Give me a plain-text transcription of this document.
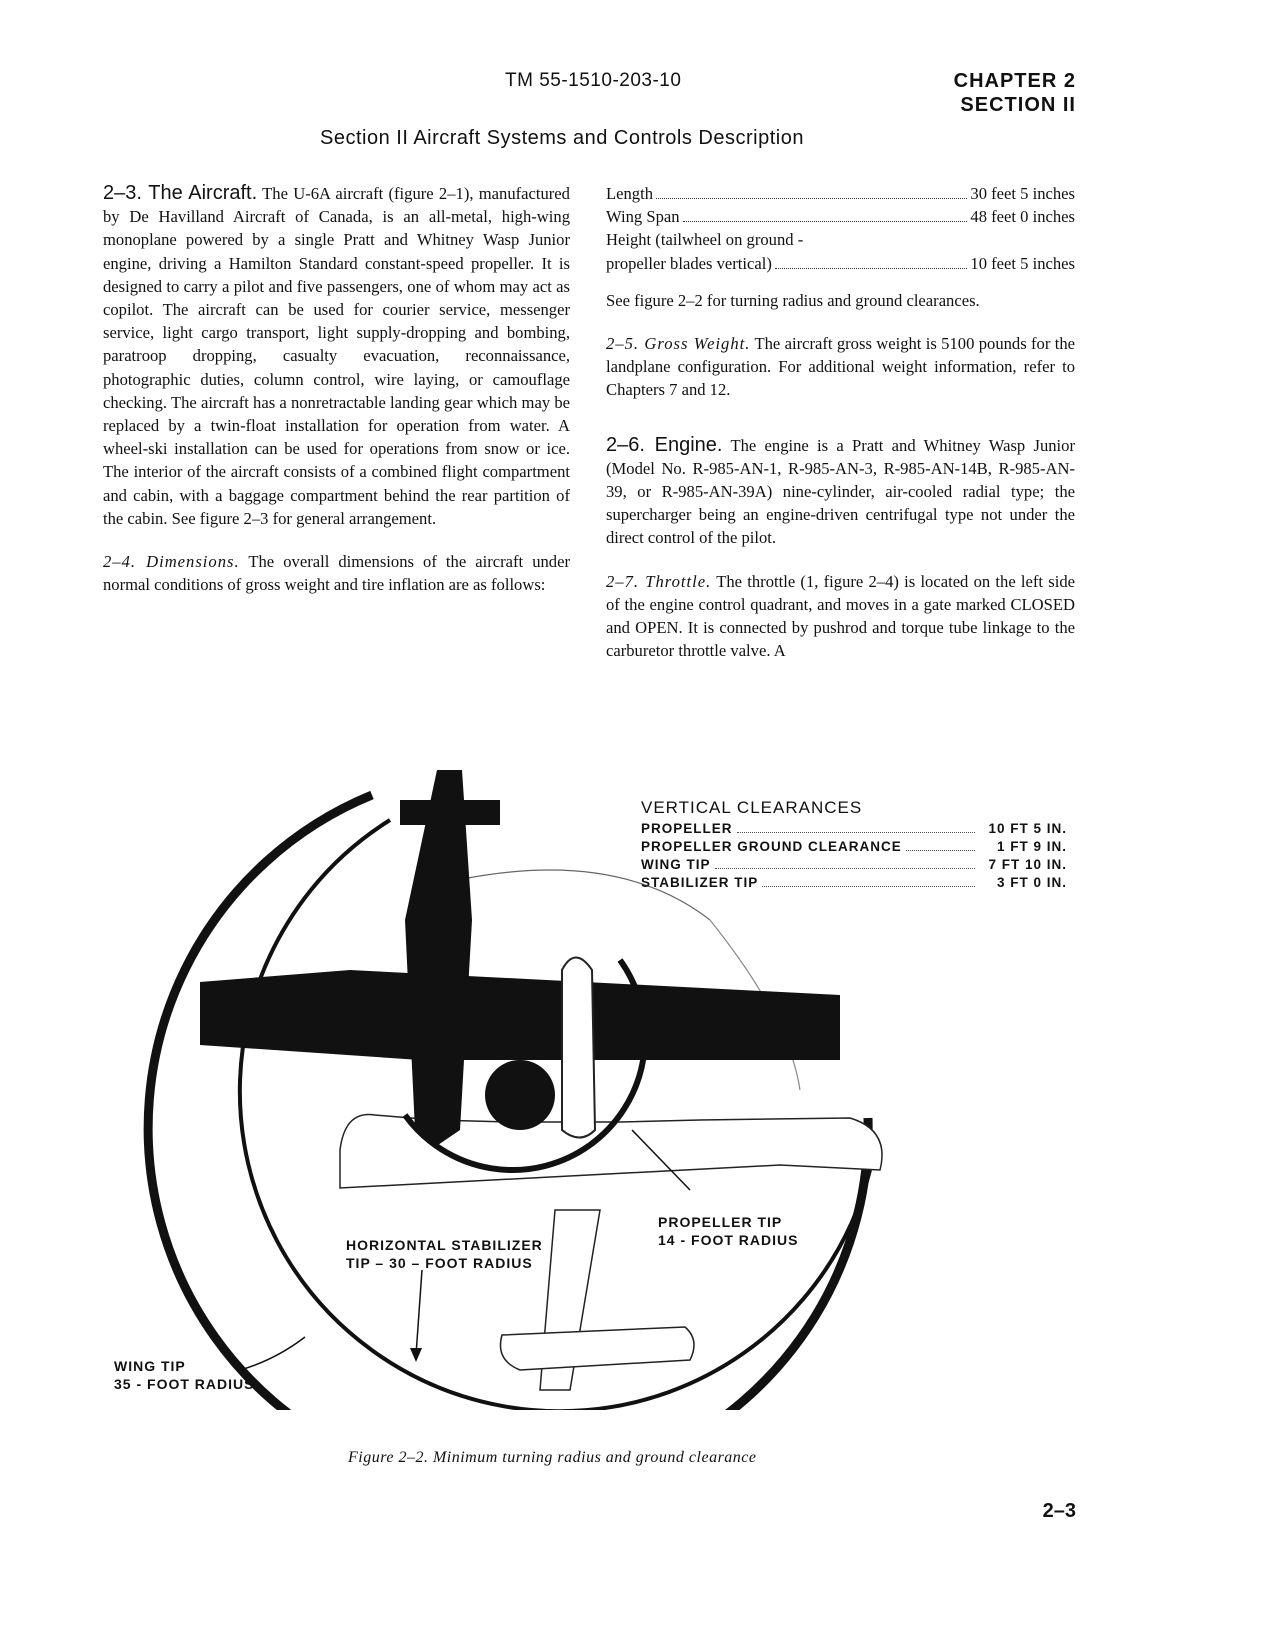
TM 55-1510-203-10	CHAPTER 2
SECTION II
Section II Aircraft Systems and Controls Description

2–3. The Aircraft. The U-6A aircraft (figure 2–1), manufactured by De Havilland Aircraft of Canada, is an all-metal, high-wing monoplane powered by a single Pratt and Whitney Wasp Junior engine, driving a Hamilton Standard constant-speed propeller. It is designed to carry a pilot and five passengers, one of whom may act as copilot. The aircraft can be used for courier service, messenger service, light cargo transport, light supply-dropping and bombing, paratroop dropping, casualty evacuation, reconnaissance, photographic duties, column control, wire laying, or camouflage checking. The aircraft has a nonretractable landing gear which may be replaced by a twin-float installation for operation from water. A wheel-ski installation can be used for operations from snow or ice. The interior of the aircraft consists of a combined flight compartment and cabin, with a baggage compartment behind the rear partition of the cabin. See figure 2–3 for general arrangement.

2–4. Dimensions. The overall dimensions of the aircraft under normal conditions of gross weight and tire inflation are as follows:

Length	30 feet 5 inches
Wing Span	48 feet 0 inches
Height (tailwheel on ground -
propeller blades vertical)	10 feet 5 inches

See figure 2–2 for turning radius and ground clearances.

2–5. Gross Weight. The aircraft gross weight is 5100 pounds for the landplane configuration. For additional weight information, refer to Chapters 7 and 12.

2–6. Engine. The engine is a Pratt and Whitney Wasp Junior (Model No. R-985-AN-1, R-985-AN-3, R-985-AN-14B, R-985-AN-39, or R-985-AN-39A) nine-cylinder, air-cooled radial type; the supercharger being an engine-driven centrifugal type not under the direct control of the pilot.

2–7. Throttle. The throttle (1, figure 2–4) is located on the left side of the engine control quadrant, and moves in a gate marked CLOSED and OPEN. It is connected by pushrod and torque tube linkage to the carburetor throttle valve. A

VERTICAL CLEARANCES
PROPELLER	10 FT 5 IN.
PROPELLER GROUND CLEARANCE	1 FT 9 IN.
WING TIP	7 FT 10 IN.
STABILIZER TIP	3 FT 0 IN.
PROPELLER TIP
14 - FOOT RADIUS
HORIZONTAL STABILIZER
TIP – 30 – FOOT RADIUS
WING TIP
35 - FOOT RADIUS
Figure 2–2. Minimum turning radius and ground clearance
2–3
